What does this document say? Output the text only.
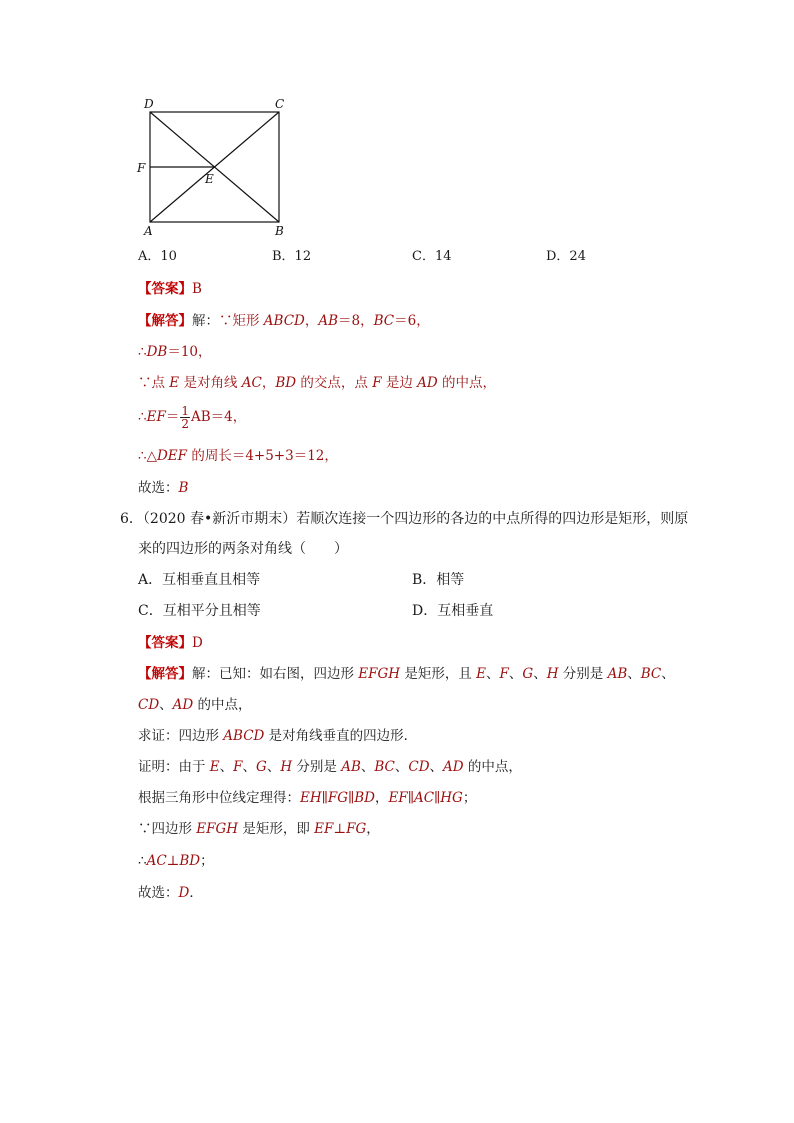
D	C
F
E
A	B
A．10	B．12	C．14	D．24
【答案】B
【解答】解：∵矩形 ABCD，AB＝8，BC＝6，
∴DB＝10，
∵点 E 是对角线 AC，BD 的交点，点 F 是边 AD 的中点，
∴EF＝ $\frac{1}{2} AB=4$，
∴△DEF 的周长＝4+5+3＝12，
故选：B
6．（2020 春•新沂市期末）若顺次连接一个四边形的各边的中点所得的四边形是矩形，则原
来的四边形的两条对角线（　　）
A．互相垂直且相等	B．相等
C．互相平分且相等	D．互相垂直
【答案】D
【解答】解：已知：如右图，四边形 EFGH 是矩形，且 E、F、G、H 分别是 AB、BC、
CD、AD 的中点，
求证：四边形 ABCD 是对角线垂直的四边形．
证明：由于 E、F、G、H 分别是 AB、BC、CD、AD 的中点，
根据三角形中位线定理得：EH∥FG∥BD，EF∥AC∥HG；
∵四边形 EFGH 是矩形，即 EF⊥FG，
∴AC⊥BD；
故选：D．
